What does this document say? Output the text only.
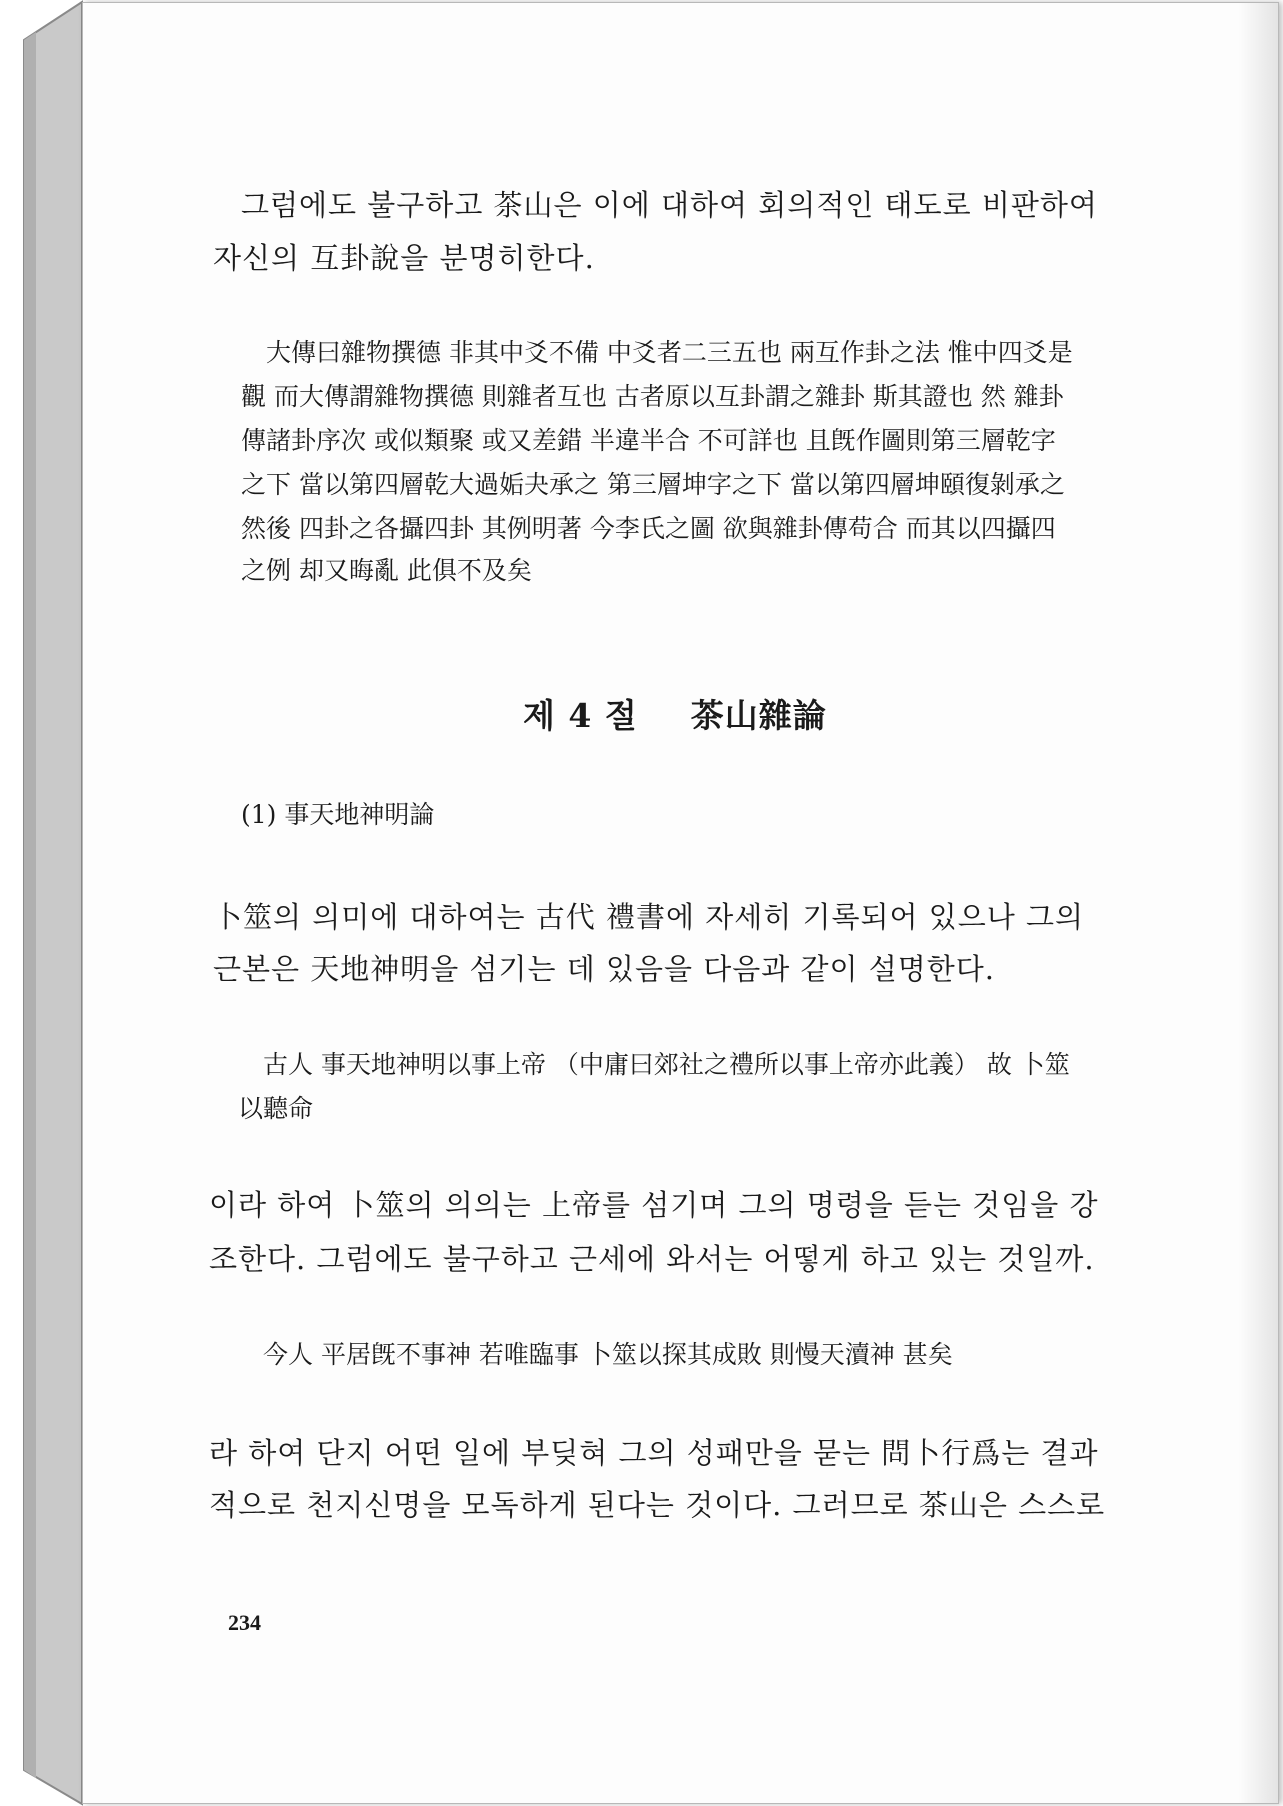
그럼에도 불구하고 茶山은 이에 대하여 회의적인 태도로 비판하여
자신의 互卦說을 분명히한다.
大傳曰雜物撰德 非其中爻不備 中爻者二三五也 兩互作卦之法 惟中四爻是
觀 而大傳謂雜物撰德 則雜者互也 古者原以互卦謂之雜卦 斯其證也 然 雜卦
傳諸卦序次 或似類聚 或又差錯 半違半合 不可詳也 且旣作圖則第三層乾字
之下 當以第四層乾大過姤夬承之 第三層坤字之下 當以第四層坤頤復剝承之
然後 四卦之各攝四卦 其例明著 今李氏之圖 欲與雜卦傳苟合 而其以四攝四
之例 却又晦亂 此俱不及矣
제 4 절 茶山雜論
(1) 事天地神明論
卜筮의 의미에 대하여는 古代 禮書에 자세히 기록되어 있으나 그의
근본은 天地神明을 섬기는 데 있음을 다음과 같이 설명한다.
古人 事天地神明以事上帝 （中庸曰郊社之禮所以事上帝亦此義） 故 卜筮
以聽命
이라 하여 卜筮의 의의는 上帝를 섬기며 그의 명령을 듣는 것임을 강
조한다. 그럼에도 불구하고 근세에 와서는 어떻게 하고 있는 것일까.
今人 平居旣不事神 若唯臨事 卜筮以探其成敗 則慢天瀆神 甚矣
라 하여 단지 어떤 일에 부딪혀 그의 성패만을 묻는 問卜行爲는 결과
적으로 천지신명을 모독하게 된다는 것이다. 그러므로 茶山은 스스로
234
